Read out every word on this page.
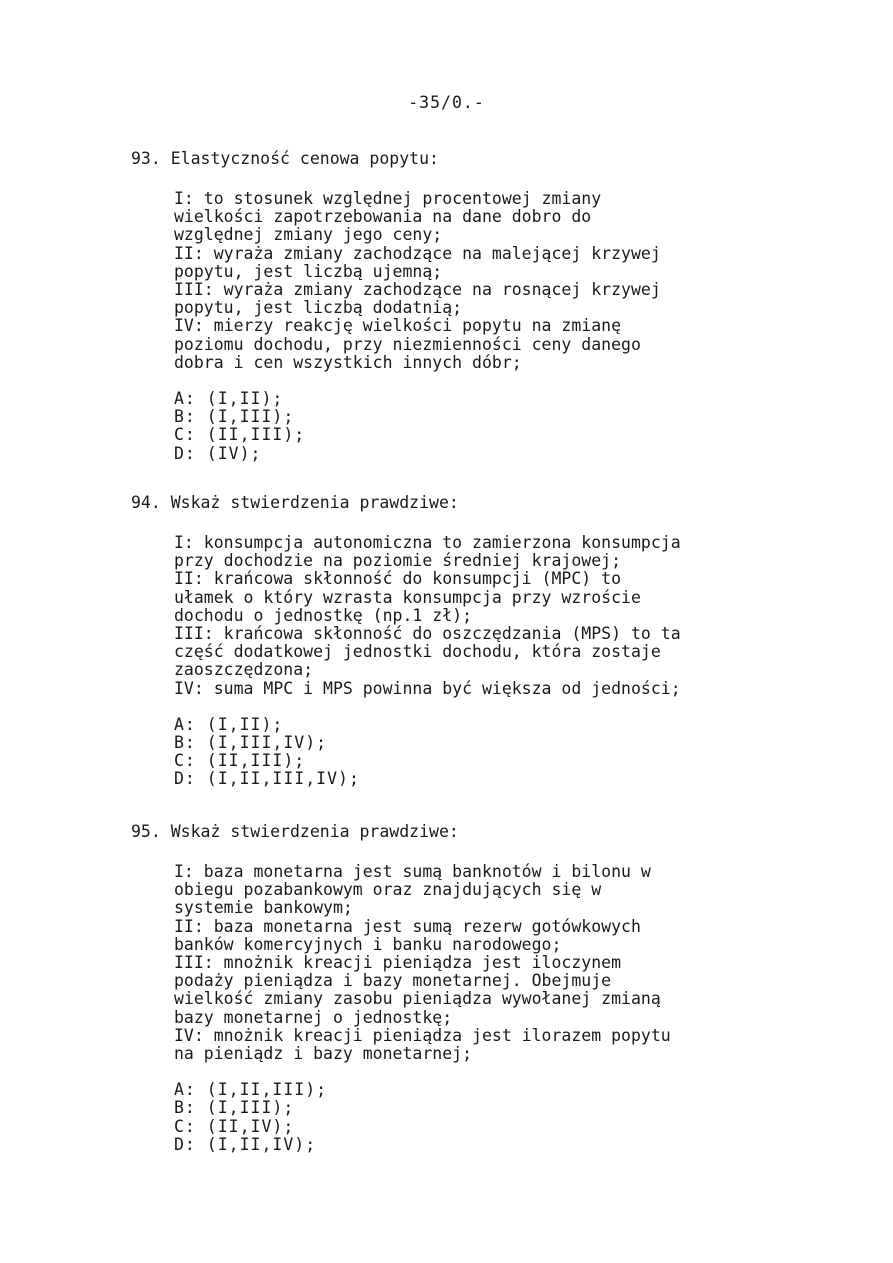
-35/0.-
93. Elastyczność cenowa popytu:
I: to stosunek względnej procentowej zmiany
wielkości zapotrzebowania na dane dobro do
względnej zmiany jego ceny;
II: wyraża zmiany zachodzące na malejącej krzywej
popytu, jest liczbą ujemną;
III: wyraża zmiany zachodzące na rosnącej krzywej
popytu, jest liczbą dodatnią;
IV: mierzy reakcję wielkości popytu na zmianę
poziomu dochodu, przy niezmienności ceny danego
dobra i cen wszystkich innych dóbr;
A: (I,II);
B: (I,III);
C: (II,III);
D: (IV);
94. Wskaż stwierdzenia prawdziwe:
I: konsumpcja autonomiczna to zamierzona konsumpcja
przy dochodzie na poziomie średniej krajowej;
II: krańcowa skłonność do konsumpcji (MPC) to
ułamek o który wzrasta konsumpcja przy wzroście
dochodu o jednostkę (np.1 zł);
III: krańcowa skłonność do oszczędzania (MPS) to ta
część dodatkowej jednostki dochodu, która zostaje
zaoszczędzona;
IV: suma MPC i MPS powinna być większa od jedności;
A: (I,II);
B: (I,III,IV);
C: (II,III);
D: (I,II,III,IV);
95. Wskaż stwierdzenia prawdziwe:
I: baza monetarna jest sumą banknotów i bilonu w
obiegu pozabankowym oraz znajdujących się w
systemie bankowym;
II: baza monetarna jest sumą rezerw gotówkowych
banków komercyjnych i banku narodowego;
III: mnożnik kreacji pieniądza jest iloczynem
podaży pieniądza i bazy monetarnej. Obejmuje
wielkość zmiany zasobu pieniądza wywołanej zmianą
bazy monetarnej o jednostkę;
IV: mnożnik kreacji pieniądza jest ilorazem popytu
na pieniądz i bazy monetarnej;
A: (I,II,III);
B: (I,III);
C: (II,IV);
D: (I,II,IV);
